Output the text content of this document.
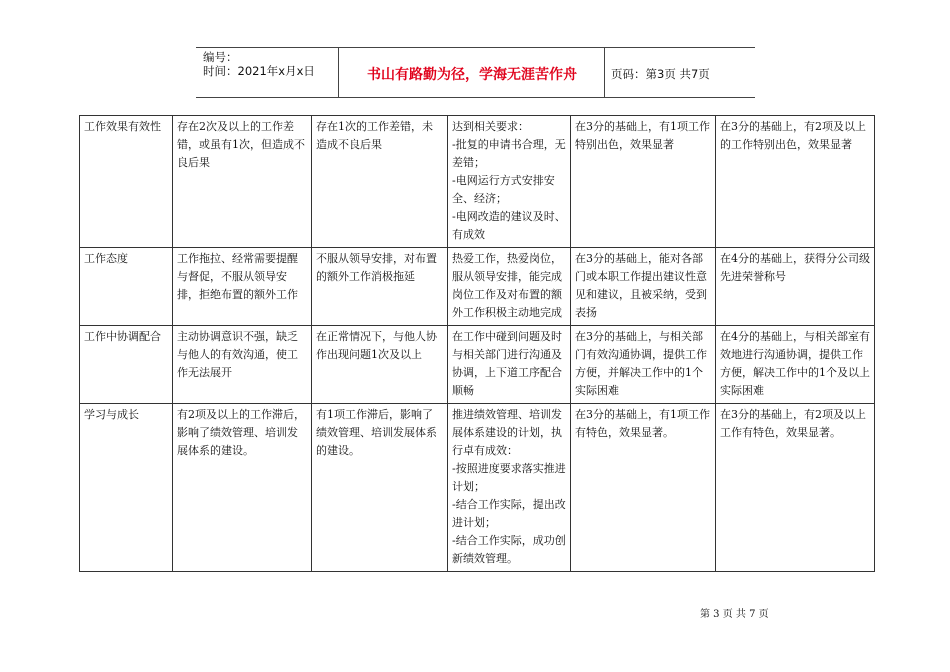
编号：
时间：2021年x月x日	书山有路勤为径，学海无涯苦作舟	页码：第3页 共7页
工作效果有效性	存在2次及以上的工作差错，或虽有1次，但造成不良后果	存在1次的工作差错，未造成不良后果	达到相关要求：
-批复的申请书合理，无差错；
-电网运行方式安排安全、经济；
-电网改造的建议及时、有成效	在3分的基础上，有1项工作特别出色，效果显著	在3分的基础上，有2项及以上的工作特别出色，效果显著

工作态度	工作拖拉、经常需要提醒与督促，不服从领导安排，拒绝布置的额外工作	不服从领导安排，对布置的额外工作消极拖延	热爱工作，热爱岗位，服从领导安排，能完成岗位工作及对布置的额外工作积极主动地完成	在3分的基础上，能对各部门或本职工作提出建议性意见和建议，且被采纳，受到表扬	在4分的基础上，获得分公司级先进荣誉称号

工作中协调配合	主动协调意识不强，缺乏与他人的有效沟通，使工作无法展开	在正常情况下，与他人协作出现问题1次及以上	在工作中碰到问题及时与相关部门进行沟通及协调，上下道工序配合顺畅	在3分的基础上，与相关部门有效沟通协调，提供工作方便，并解决工作中的1个实际困难	在4分的基础上，与相关部室有效地进行沟通协调，提供工作方便，解决工作中的1个及以上实际困难

学习与成长	有2项及以上的工作滞后，影响了绩效管理、培训发展体系的建设。	有1项工作滞后，影响了绩效管理、培训发展体系的建设。	推进绩效管理、培训发展体系建设的计划，执行卓有成效：
-按照进度要求落实推进计划；
-结合工作实际，提出改进计划；
-结合工作实际，成功创新绩效管理。	在3分的基础上，有1项工作有特色，效果显著。	在3分的基础上，有2项及以上工作有特色，效果显著。
第 3 页 共 7 页
